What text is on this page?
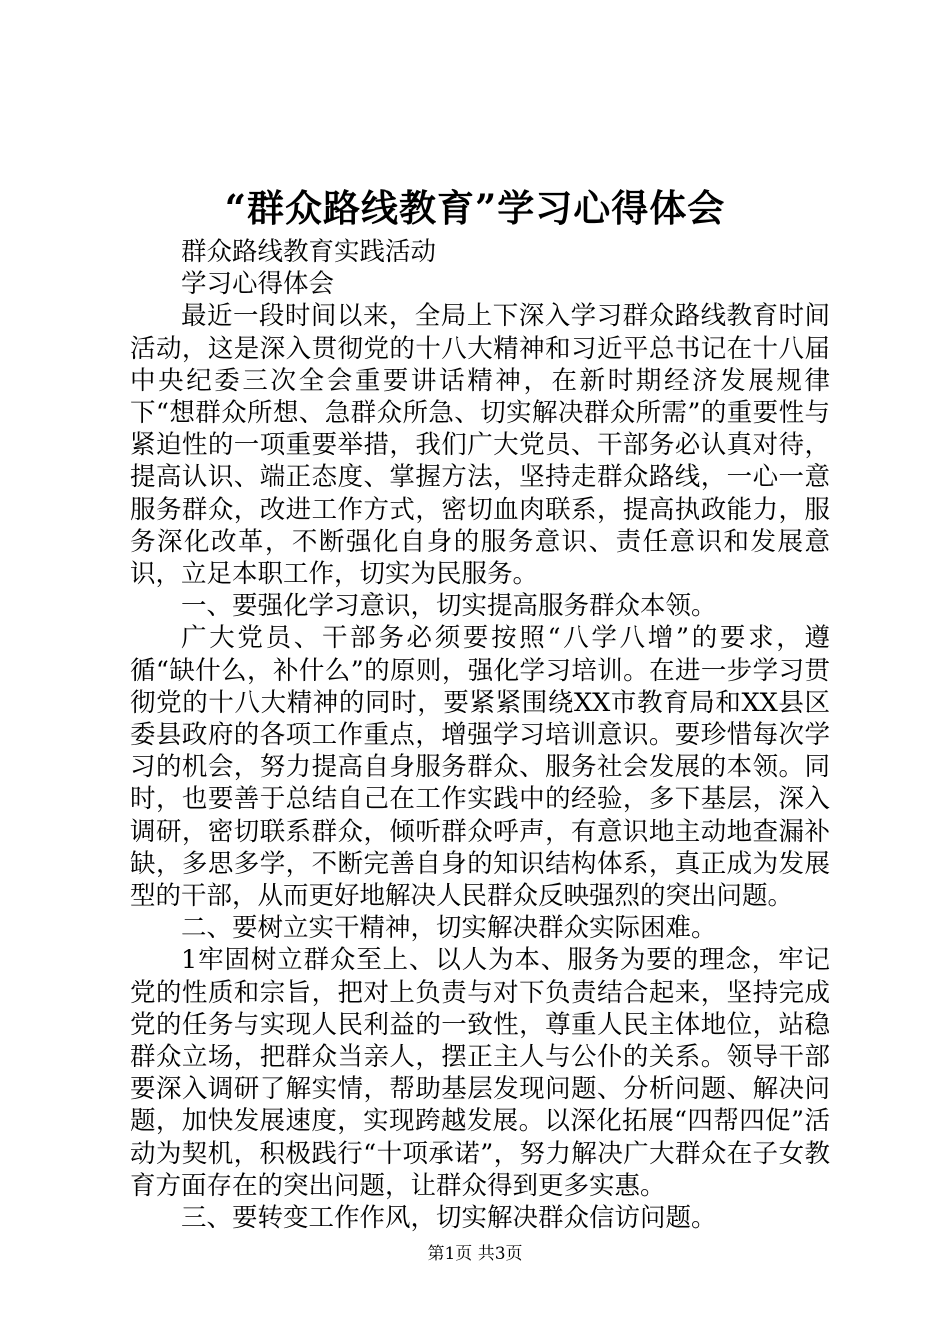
“群众路线教育”学习心得体会

群众路线教育实践活动

学习心得体会

最近一段时间以来，全局上下深入学习群众路线教育时间活动，这是深入贯彻党的十八大精神和习近平总书记在十八届中央纪委三次全会重要讲话精神，在新时期经济发展规律下“想群众所想、急群众所急、切实解决群众所需”的重要性与紧迫性的一项重要举措，我们广大党员、干部务必认真对待，提高认识、端正态度、掌握方法，坚持走群众路线，一心一意服务群众，改进工作方式，密切血肉联系，提高执政能力，服务深化改革，不断强化自身的服务意识、责任意识和发展意识，立足本职工作，切实为民服务。

一、要强化学习意识，切实提高服务群众本领。

广大党员、干部务必须要按照“八学八增”的要求，遵循“缺什么，补什么”的原则，强化学习培训。在进一步学习贯彻党的十八大精神的同时，要紧紧围绕XX市教育局和XX县区委县政府的各项工作重点，增强学习培训意识。要珍惜每次学习的机会，努力提高自身服务群众、服务社会发展的本领。同时，也要善于总结自己在工作实践中的经验，多下基层，深入调研，密切联系群众，倾听群众呼声，有意识地主动地查漏补缺，多思多学，不断完善自身的知识结构体系，真正成为发展型的干部，从而更好地解决人民群众反映强烈的突出问题。

二、要树立实干精神，切实解决群众实际困难。

1牢固树立群众至上、以人为本、服务为要的理念，牢记党的性质和宗旨，把对上负责与对下负责结合起来，坚持完成党的任务与实现人民利益的一致性，尊重人民主体地位，站稳群众立场，把群众当亲人，摆正主人与公仆的关系。领导干部要深入调研了解实情，帮助基层发现问题、分析问题、解决问题，加快发展速度，实现跨越发展。以深化拓展“四帮四促”活动为契机，积极践行“十项承诺”，努力解决广大群众在子女教育方面存在的突出问题，让群众得到更多实惠。

三、要转变工作作风，切实解决群众信访问题。

第1页 共3页
